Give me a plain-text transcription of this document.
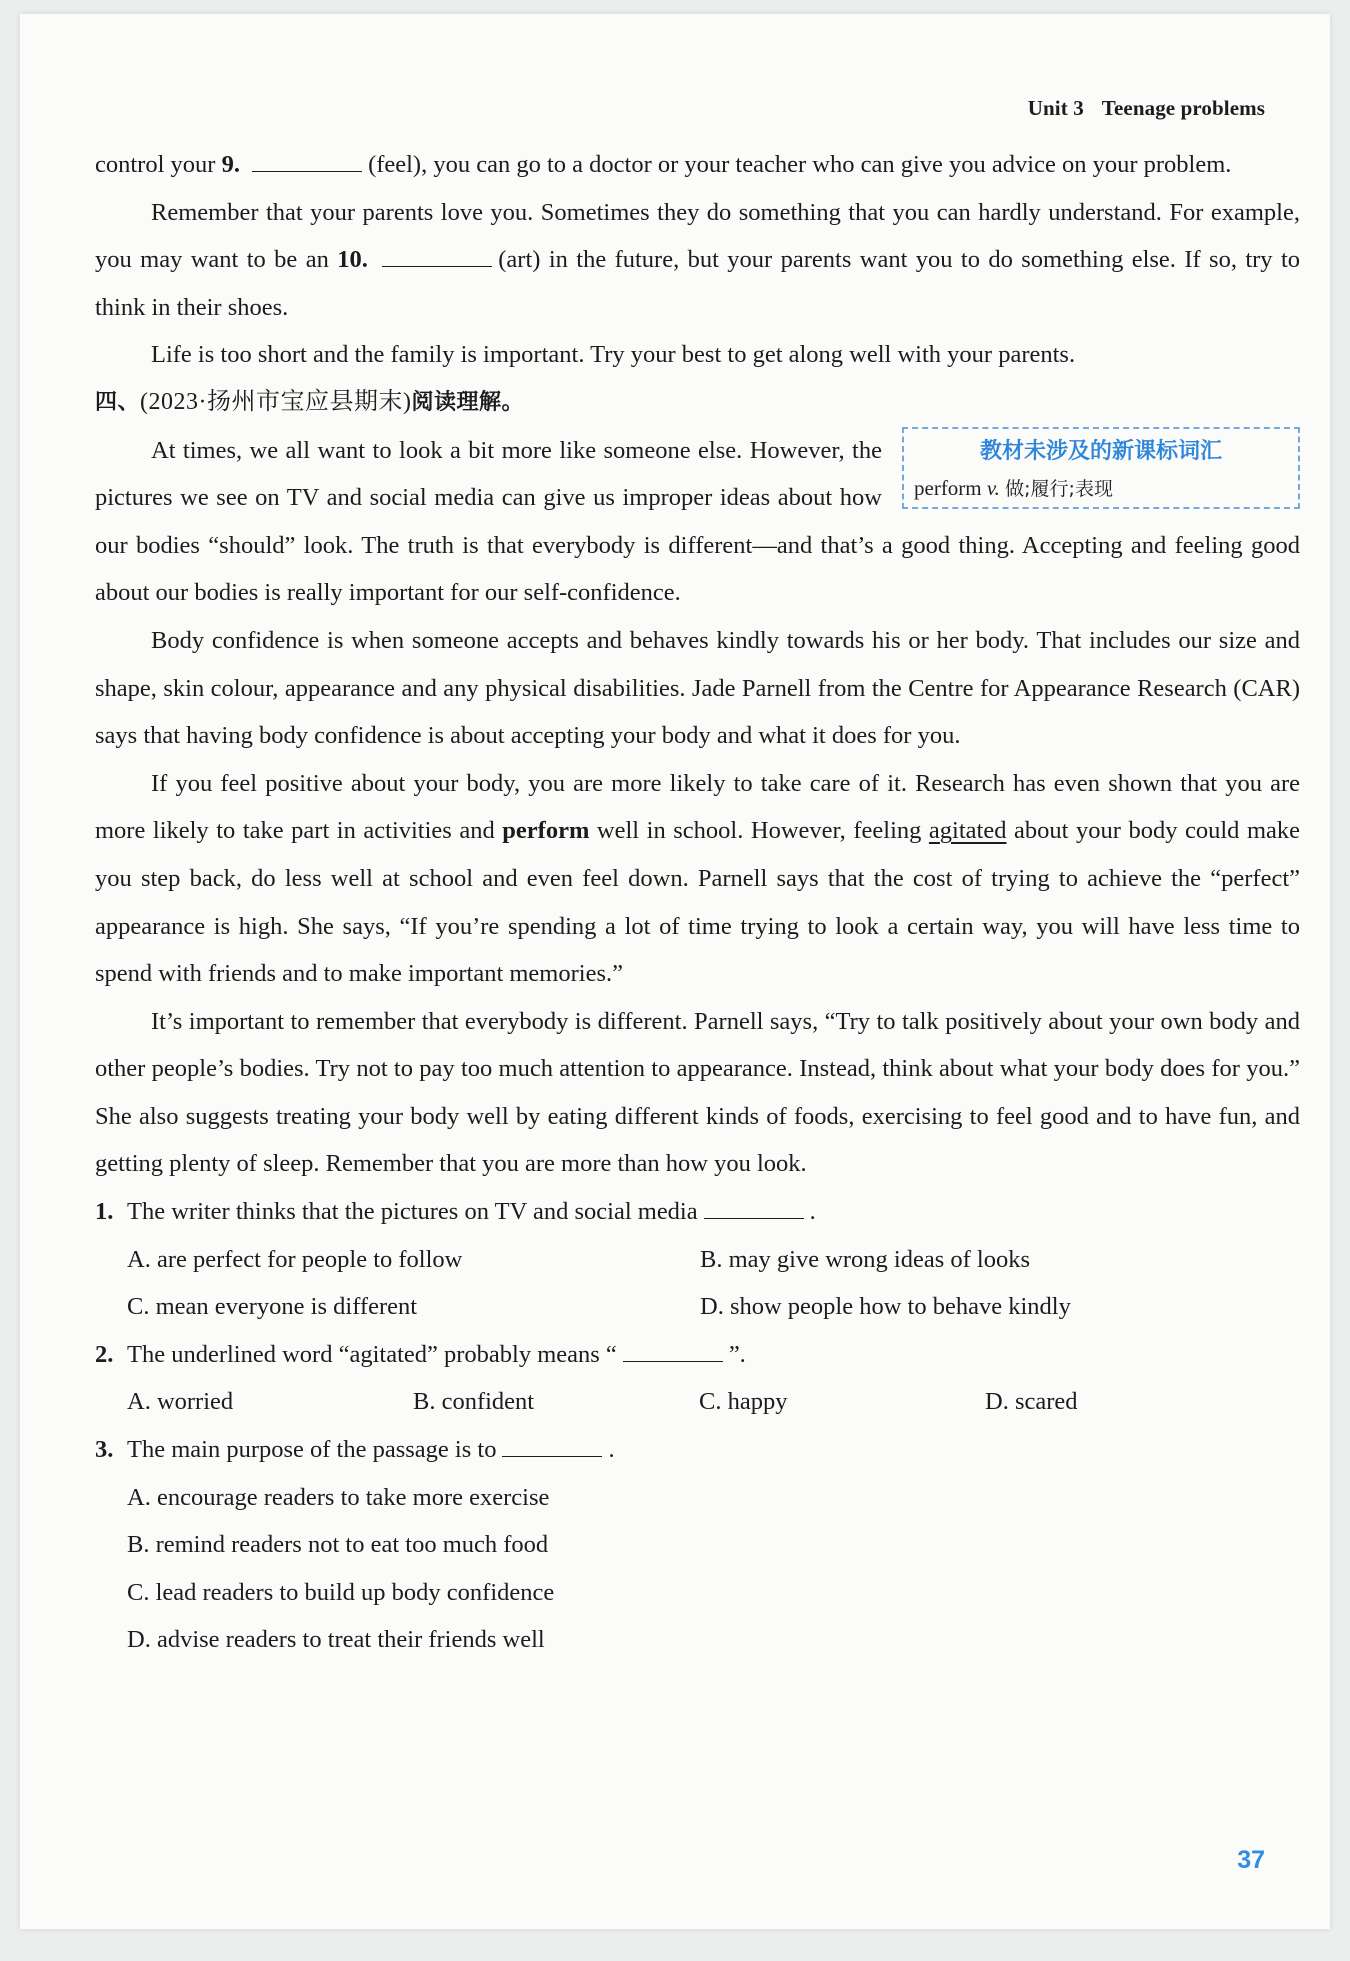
Unit 3 Teenage problems

control your 9.	(feel), you can go to a doctor or your teacher who can give you advice on your problem.

Remember that your parents love you. Sometimes they do something that you can hardly understand. For example, you may want to be an 10.	(art) in the future, but your parents want you to do something else. If so, try to think in their shoes.

Life is too short and the family is important. Try your best to get along well with your parents.

四、(2023·扬州市宝应县期末)阅读理解。

教材未涉及的新课标词汇
perform v. 做;履行;表现

At times, we all want to look a bit more like someone else. However, the pictures we see on TV and social media can give us improper ideas about how our bodies “should” look. The truth is that everybody is different—and that’s a good thing. Accepting and feeling good about our bodies is really important for our self-confidence.

Body confidence is when someone accepts and behaves kindly towards his or her body. That includes our size and shape, skin colour, appearance and any physical disabilities. Jade Parnell from the Centre for Appearance Research (CAR) says that having body confidence is about accepting your body and what it does for you.

If you feel positive about your body, you are more likely to take care of it. Research has even shown that you are more likely to take part in activities and perform well in school. However, feeling agitated about your body could make you step back, do less well at school and even feel down. Parnell says that the cost of trying to achieve the “perfect” appearance is high. She says, “If you’re spending a lot of time trying to look a certain way, you will have less time to spend with friends and to make important memories.”

It’s important to remember that everybody is different. Parnell says, “Try to talk positively about your own body and other people’s bodies. Try not to pay too much attention to appearance. Instead, think about what your body does for you.” She also suggests treating your body well by eating different kinds of foods, exercising to feel good and to have fun, and getting plenty of sleep. Remember that you are more than how you look.

1. The writer thinks that the pictures on TV and social media	.
A. are perfect for people to follow	B. may give wrong ideas of looks
C. mean everyone is different	D. show people how to behave kindly
2. The underlined word “agitated” probably means “	”.
A. worried	B. confident	C. happy	D. scared
3. The main purpose of the passage is to	.
A. encourage readers to take more exercise
B. remind readers not to eat too much food
C. lead readers to build up body confidence
D. advise readers to treat their friends well
37
